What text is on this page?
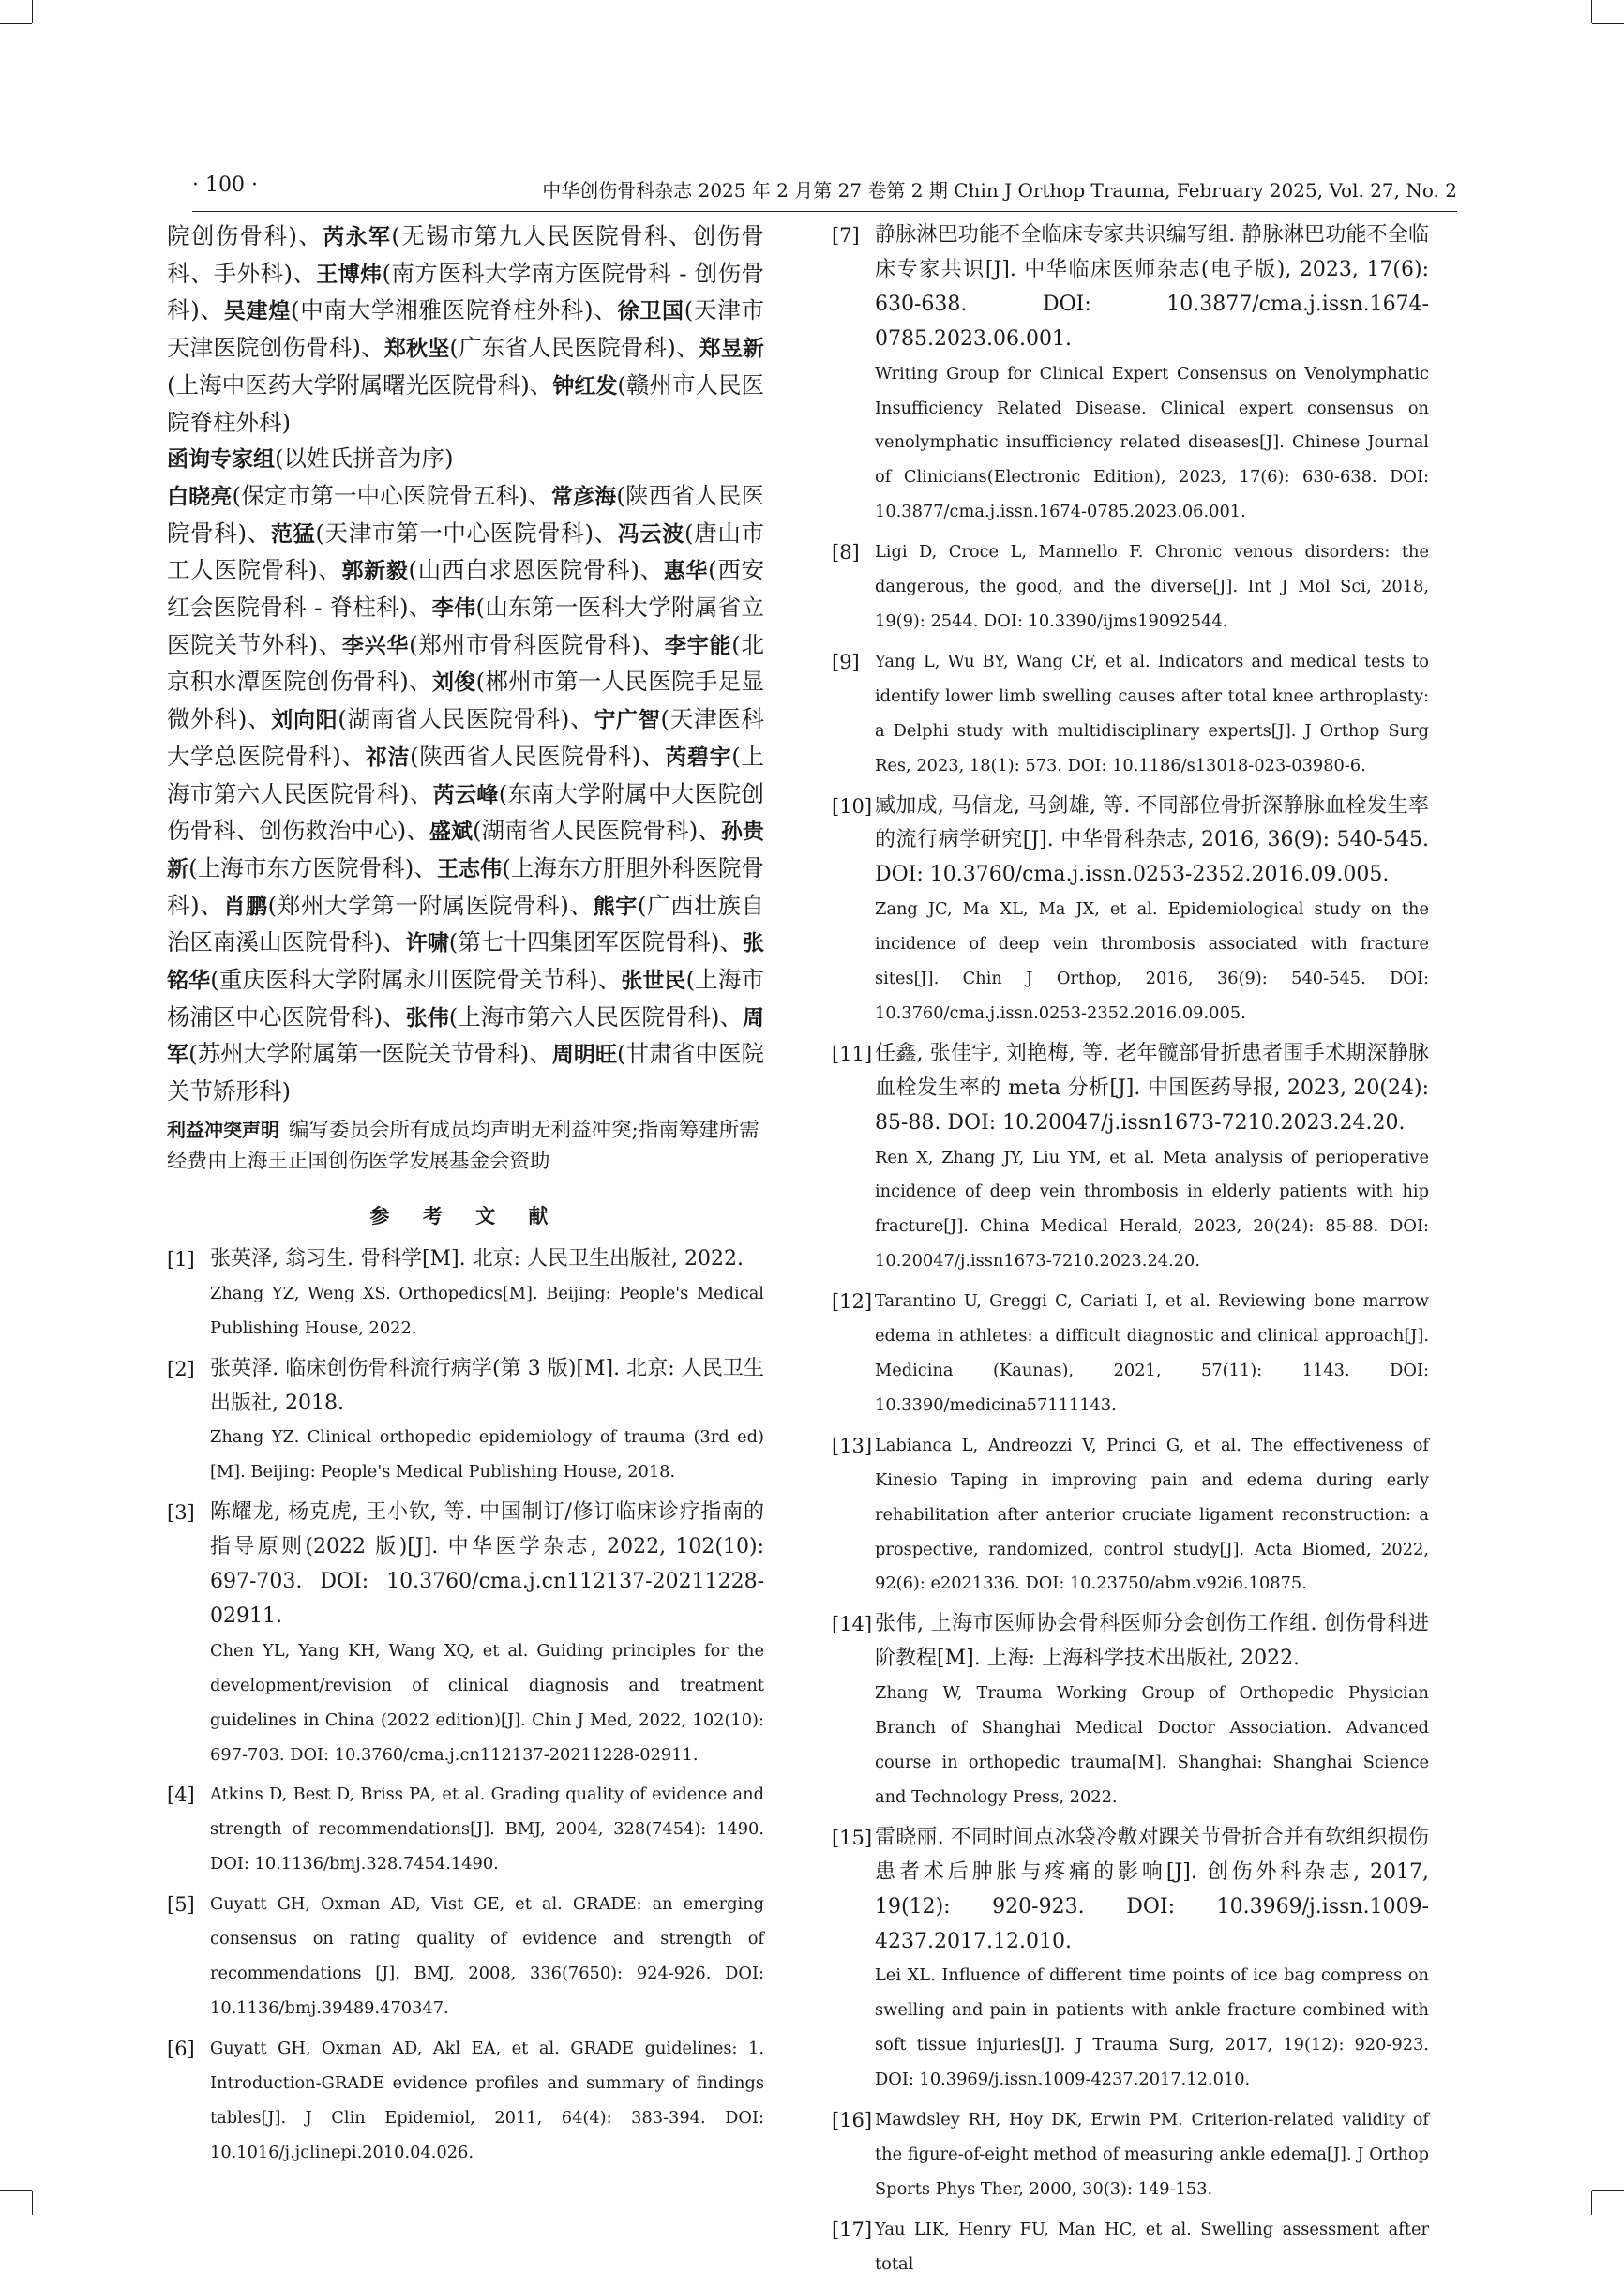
· 100 ·	中华创伤骨科杂志 2025 年 2 月第 27 卷第 2 期 Chin J Orthop Trauma, February 2025, Vol. 27, No. 2
院创伤骨科)、芮永军(无锡市第九人民医院骨科、创伤骨科、手外科)、王博炜(南方医科大学南方医院骨科 - 创伤骨科)、吴建煌(中南大学湘雅医院脊柱外科)、徐卫国(天津市天津医院创伤骨科)、郑秋坚(广东省人民医院骨科)、郑昱新(上海中医药大学附属曙光医院骨科)、钟红发(赣州市人民医院脊柱外科)
函询专家组(以姓氏拼音为序)
白晓亮(保定市第一中心医院骨五科)、常彦海(陕西省人民医院骨科)、范猛(天津市第一中心医院骨科)、冯云波(唐山市工人医院骨科)、郭新毅(山西白求恩医院骨科)、惠华(西安红会医院骨科 - 脊柱科)、李伟(山东第一医科大学附属省立医院关节外科)、李兴华(郑州市骨科医院骨科)、李宇能(北京积水潭医院创伤骨科)、刘俊(郴州市第一人民医院手足显微外科)、刘向阳(湖南省人民医院骨科)、宁广智(天津医科大学总医院骨科)、祁洁(陕西省人民医院骨科)、芮碧宇(上海市第六人民医院骨科)、芮云峰(东南大学附属中大医院创伤骨科、创伤救治中心)、盛斌(湖南省人民医院骨科)、孙贵新(上海市东方医院骨科)、王志伟(上海东方肝胆外科医院骨科)、肖鹏(郑州大学第一附属医院骨科)、熊宇(广西壮族自治区南溪山医院骨科)、许啸(第七十四集团军医院骨科)、张铭华(重庆医科大学附属永川医院骨关节科)、张世民(上海市杨浦区中心医院骨科)、张伟(上海市第六人民医院骨科)、周军(苏州大学附属第一医院关节骨科)、周明旺(甘肃省中医院关节矫形科)
利益冲突声明 编写委员会所有成员均声明无利益冲突;指南筹建所需经费由上海王正国创伤医学发展基金会资助
参 考 文 献
[1] 张英泽, 翁习生. 骨科学[M]. 北京: 人民卫生出版社, 2022.

Zhang YZ, Weng XS. Orthopedics[M]. Beijing: People's Medical Publishing House, 2022.

[2] 张英泽. 临床创伤骨科流行病学(第 3 版)[M]. 北京: 人民卫生出版社, 2018.

Zhang YZ. Clinical orthopedic epidemiology of trauma (3rd ed)[M]. Beijing: People's Medical Publishing House, 2018.

[3] 陈耀龙, 杨克虎, 王小钦, 等. 中国制订/修订临床诊疗指南的指导原则(2022 版)[J]. 中华医学杂志, 2022, 102(10): 697-703. DOI: 10.3760/cma.j.cn112137-20211228-02911.

Chen YL, Yang KH, Wang XQ, et al. Guiding principles for the development/revision of clinical diagnosis and treatment guidelines in China (2022 edition)[J]. Chin J Med, 2022, 102(10): 697-703. DOI: 10.3760/cma.j.cn112137-20211228-02911.

[4] Atkins D, Best D, Briss PA, et al. Grading quality of evidence and strength of recommendations[J]. BMJ, 2004, 328(7454): 1490. DOI: 10.1136/bmj.328.7454.1490.

[5] Guyatt GH, Oxman AD, Vist GE, et al. GRADE: an emerging consensus on rating quality of evidence and strength of recommendations [J]. BMJ, 2008, 336(7650): 924-926. DOI: 10.1136/bmj.39489.470347.

[6] Guyatt GH, Oxman AD, Akl EA, et al. GRADE guidelines: 1. Introduction-GRADE evidence profiles and summary of findings tables[J]. J Clin Epidemiol, 2011, 64(4): 383-394. DOI: 10.1016/j.jclinepi.2010.04.026.

[7] 静脉淋巴功能不全临床专家共识编写组. 静脉淋巴功能不全临床专家共识[J]. 中华临床医师杂志(电子版), 2023, 17(6): 630-638. DOI: 10.3877/cma.j.issn.1674-0785.2023.06.001.

Writing Group for Clinical Expert Consensus on Venolymphatic Insufficiency Related Disease. Clinical expert consensus on venolymphatic insufficiency related diseases[J]. Chinese Journal of Clinicians(Electronic Edition), 2023, 17(6): 630-638. DOI: 10.3877/cma.j.issn.1674-0785.2023.06.001.

[8] Ligi D, Croce L, Mannello F. Chronic venous disorders: the dangerous, the good, and the diverse[J]. Int J Mol Sci, 2018, 19(9): 2544. DOI: 10.3390/ijms19092544.

[9] Yang L, Wu BY, Wang CF, et al. Indicators and medical tests to identify lower limb swelling causes after total knee arthroplasty: a Delphi study with multidisciplinary experts[J]. J Orthop Surg Res, 2023, 18(1): 573. DOI: 10.1186/s13018-023-03980-6.

[10] 臧加成, 马信龙, 马剑雄, 等. 不同部位骨折深静脉血栓发生率的流行病学研究[J]. 中华骨科杂志, 2016, 36(9): 540-545. DOI: 10.3760/cma.j.issn.0253-2352.2016.09.005.

Zang JC, Ma XL, Ma JX, et al. Epidemiological study on the incidence of deep vein thrombosis associated with fracture sites[J]. Chin J Orthop, 2016, 36(9): 540-545. DOI: 10.3760/cma.j.issn.0253-2352.2016.09.005.

[11] 任鑫, 张佳宇, 刘艳梅, 等. 老年髋部骨折患者围手术期深静脉血栓发生率的 meta 分析[J]. 中国医药导报, 2023, 20(24): 85-88. DOI: 10.20047/j.issn1673-7210.2023.24.20.

Ren X, Zhang JY, Liu YM, et al. Meta analysis of perioperative incidence of deep vein thrombosis in elderly patients with hip fracture[J]. China Medical Herald, 2023, 20(24): 85-88. DOI: 10.20047/j.issn1673-7210.2023.24.20.

[12] Tarantino U, Greggi C, Cariati I, et al. Reviewing bone marrow edema in athletes: a difficult diagnostic and clinical approach[J]. Medicina (Kaunas), 2021, 57(11): 1143. DOI: 10.3390/medicina57111143.

[13] Labianca L, Andreozzi V, Princi G, et al. The effectiveness of Kinesio Taping in improving pain and edema during early rehabilitation after anterior cruciate ligament reconstruction: a prospective, randomized, control study[J]. Acta Biomed, 2022, 92(6): e2021336. DOI: 10.23750/abm.v92i6.10875.

[14] 张伟, 上海市医师协会骨科医师分会创伤工作组. 创伤骨科进阶教程[M]. 上海: 上海科学技术出版社, 2022.

Zhang W, Trauma Working Group of Orthopedic Physician Branch of Shanghai Medical Doctor Association. Advanced course in orthopedic trauma[M]. Shanghai: Shanghai Science and Technology Press, 2022.

[15] 雷晓丽. 不同时间点冰袋冷敷对踝关节骨折合并有软组织损伤患者术后肿胀与疼痛的影响[J]. 创伤外科杂志, 2017, 19(12): 920-923. DOI: 10.3969/j.issn.1009-4237.2017.12.010.

Lei XL. Influence of different time points of ice bag compress on swelling and pain in patients with ankle fracture combined with soft tissue injuries[J]. J Trauma Surg, 2017, 19(12): 920-923. DOI: 10.3969/j.issn.1009-4237.2017.12.010.

[16] Mawdsley RH, Hoy DK, Erwin PM. Criterion-related validity of the figure-of-eight method of measuring ankle edema[J]. J Orthop Sports Phys Ther, 2000, 30(3): 149-153.

[17] Yau LIK, Henry FU, Man HC, et al. Swelling assessment after total
